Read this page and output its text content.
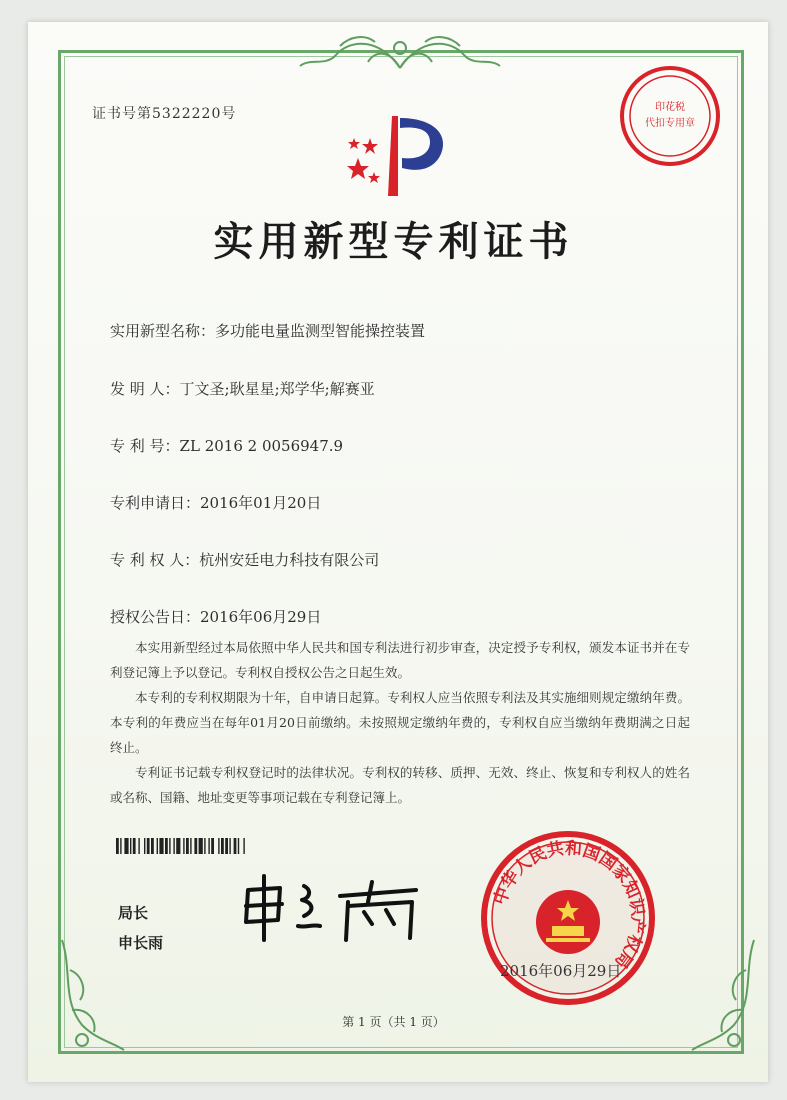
证书号第5322220号
实用新型专利证书
实用新型名称：多功能电量监测型智能操控装置
发 明 人：丁文圣;耿星星;郑学华;解赛亚
专 利 号：ZL 2016 2 0056947.9
专利申请日：2016年01月20日
专 利 权 人：杭州安廷电力科技有限公司
授权公告日：2016年06月29日

本实用新型经过本局依照中华人民共和国专利法进行初步审查，决定授予专利权，颁发本证书并在专利登记簿上予以登记。专利权自授权公告之日起生效。

本专利的专利权期限为十年，自申请日起算。专利权人应当依照专利法及其实施细则规定缴纳年费。本专利的年费应当在每年01月20日前缴纳。未按照规定缴纳年费的，专利权自应当缴纳年费期满之日起终止。

专利证书记载专利权登记时的法律状况。专利权的转移、质押、无效、终止、恢复和专利权人的姓名或名称、国籍、地址变更等事项记载在专利登记簿上。

局长
申长雨
中华人民共和国国家知识产权局
2016年06月29日
印花税
代扣专用章
第 1 页（共 1 页）
